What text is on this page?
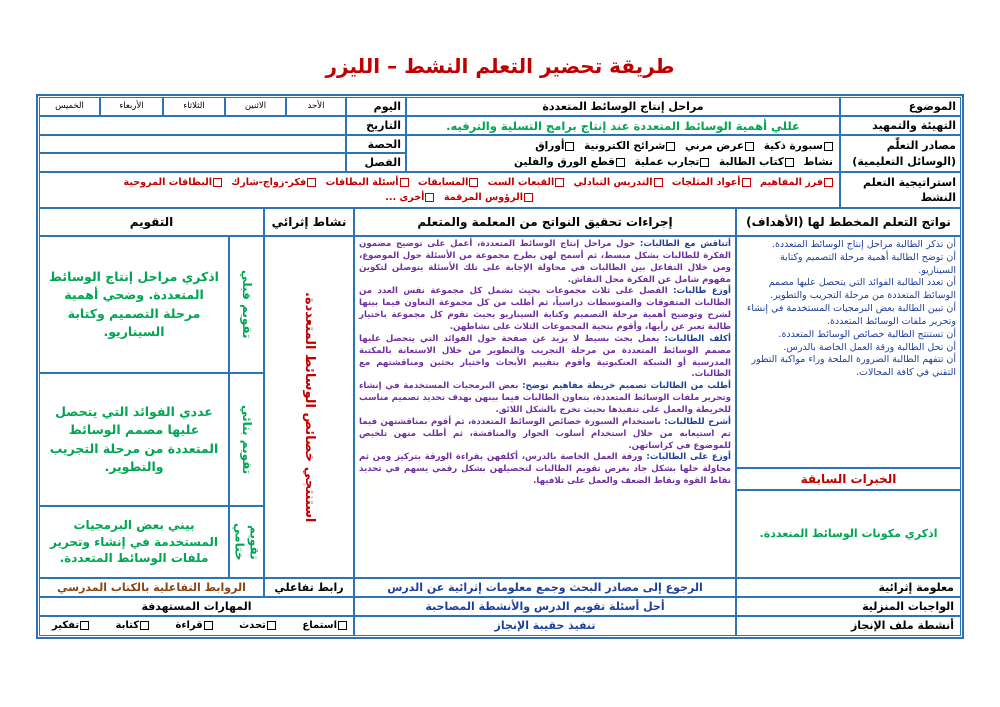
طريقة تحضير التعلم النشط – الليزر
الموضوع
مراحل إنتاج الوسائط المتعددة
اليوم
الأحد
الاثنين
الثلاثاء
الأربعاء
الخميس
التهيئة والتمهيد
عللي أهمية الوسائط المتعددة عند إنتاج برامج التسلية والترفيه.
التاريخ
مصادر التعلّم (الوسائل التعليمية)
سبورة ذكية عرض مرني شرائح الكترونية أوراق
نشاط كتاب الطالبة تجارب عملية قطع الورق والفلين
الحصة
الفصل
استراتيجية التعلم النشط
فرز المفاهيم أعواد المثلجات التدريس التبادلي القبعات الست المسابقات أسئلة البطاقات فكر-زواج-شارك البطاقات المروحية
الرؤوس المرقمة أخرى ...
نواتج التعلم المخطط لها (الأهداف)
إجراءات تحقيق النواتج من المعلمة والمتعلم
نشاط إثرائي
التقويم
أن تذكر الطالبة مراحل إنتاج الوسائط المتعددة.
أن توضح الطالبة أهمية مرحلة التصميم وكتابة السيناريو.
أن تعدد الطالبة الفوائد التي يتحصل عليها مصمم الوسائط المتعددة من مرحلة التجريب والتطوير.
أن تبين الطالبة بعض البرمجيات المستخدمة في إنشاء وتحرير ملفات الوسائط المتعددة.
أن تستنتج الطالبة خصائص الوسائط المتعددة.
أن تحل الطالبة ورقة العمل الخاصة بالدرس.
أن تتفهم الطالبة الضرورة الملحة وراء مواكبة التطور التقني في كافة المجالات.
الخبرات السابقة
اذكري مكونات الوسائط المتعددة.
أتناقش مع الطالبات: حول مراحل إنتاج الوسائط المتعددة، أعمل على توضيح مضمون الفكرة للطالبات بشكل مبسط، ثم أسمح لهن بطرح مجموعة من الأسئلة حول الموضوع، ومن خلال التفاعل بين الطالبات في محاولة الإجابة على تلك الأسئلة يتوصلن لتكوين مفهوم شامل عن الفكرة محل النقاش.
أوزع طالبات: الفصل على ثلاث مجموعات بحيث تشمل كل مجموعة نفس العدد من الطالبات المتفوقات والمتوسطات دراسياً، ثم أطلب من كل مجموعة التعاون فيما بينها لشرح وتوضيح أهمية مرحلة التصميم وكتابة السيناريو بحيث تقوم كل مجموعة باختيار طالبة تعبر عن رأيها، وأقوم بتحية المجموعات الثلاث على نشاطهن.
أكلف الطالبات: بعمل بحث بسيط لا يزيد عن صفحة حول الفوائد التي يتحصل عليها مصمم الوسائط المتعددة من مرحلة التجريب والتطوير من خلال الاستعانة بالمكتبة المدرسية أو الشبكة العنكبوتية وأقوم بتقييم الأبحاث واختيار بحثين ومناقشتهم مع الطالبات.
أطلب من الطالبات تصميم خريطة مفاهيم توضح: بعض البرمجيات المستخدمة في إنشاء وتحرير ملفات الوسائط المتعددة، بتعاون الطالبات فيما بينهن بهدف تحديد تصميم مناسب للخريطة والعمل على تنفيذها بحيث تخرج بالشكل اللائق.
أشرح للطالبات: باستخدام السبورة خصائص الوسائط المتعددة، ثم أقوم بمناقشتهن فيما تم استيعابه من خلال استخدام أسلوب الحوار والمناقشة، ثم أطلب منهن تلخيص للموضوع في كراساتهن.
أوزع على الطالبات: ورقة العمل الخاصة بالدرس، أكلفهن بقراءة الورقة بتركيز ومن ثم محاولة حلها بشكل جاد بغرض تقويم الطالبات لتحصيلهن بشكل رقمي يسهم في تحديد نقاط القوة ونقاط الضعف والعمل على تلافيها.
استنتجي خصائص الوسائط المتعددة.
تقويم قبلي
اذكري مراحل إنتاج الوسائط المتعددة. وضحي أهمية مرحلة التصميم وكتابة السيناريو.
تقويم بنائي
عددي الفوائد التي يتحصل عليها مصمم الوسائط المتعددة من مرحلة التجريب والتطوير.
تقويم ختامي
بيني بعض البرمجيات المستخدمة في إنشاء وتحرير ملفات الوسائط المتعددة.
معلومة إثرائية
الرجوع إلى مصادر البحث وجمع معلومات إثرائية عن الدرس
رابط تفاعلي
الروابط التفاعلية بالكتاب المدرسي
الواجبات المنزلية
أحل أسئلة تقويم الدرس والأنشطة المصاحبة
المهارات المستهدفة
أنشطة ملف الإنجاز
تنفيذ حقيبة الإنجاز
استماع
تحدث
قراءة
كتابة
تفكير
